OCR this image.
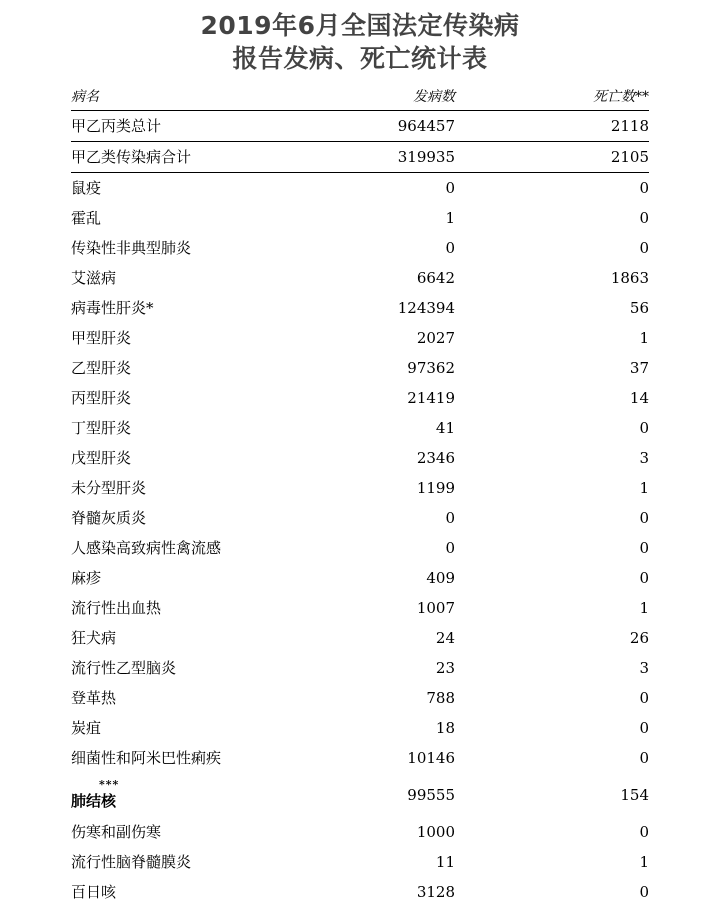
2019年6月全国法定传染病
报告发病、死亡统计表
病名	发病数	死亡数**
甲乙丙类总计	964457	2118
甲乙类传染病合计	319935	2105
鼠疫	0	0
霍乱	1	0
传染性非典型肺炎	0	0
艾滋病	6642	1863
病毒性肝炎*	124394	56
甲型肝炎	2027	1
乙型肝炎	97362	37
丙型肝炎	21419	14
丁型肝炎	41	0
戊型肝炎	2346	3
未分型肝炎	1199	1
脊髓灰质炎	0	0
人感染高致病性禽流感	0	0
麻疹	409	0
流行性出血热	1007	1
狂犬病	24	26
流行性乙型脑炎	23	3
登革热	788	0
炭疽	18	0
细菌性和阿米巴性痢疾	10146	0

***
肺结核	99555	154
伤寒和副伤寒	1000	0
流行性脑脊髓膜炎	11	1
百日咳	3128	0
